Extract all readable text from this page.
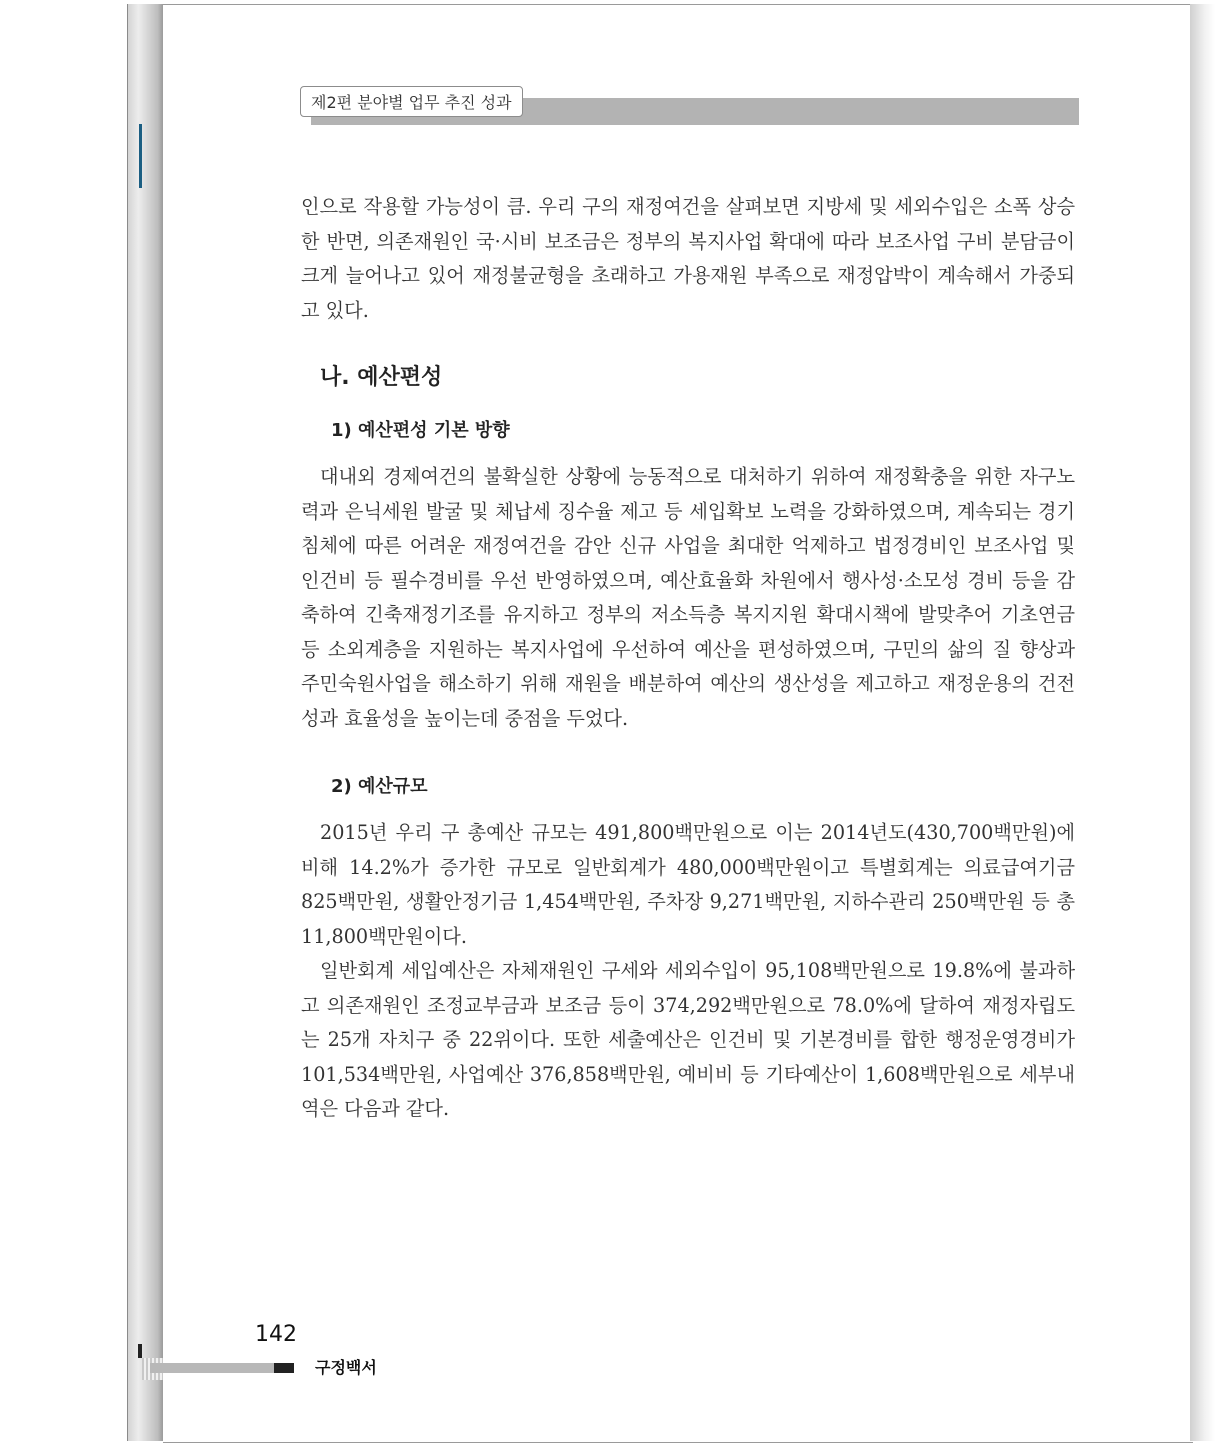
제2편 분야별 업무 추진 성과

인으로 작용할 가능성이 큼. 우리 구의 재정여건을 살펴보면 지방세 및 세외수입은 소폭 상승한 반면, 의존재원인 국·시비 보조금은 정부의 복지사업 확대에 따라 보조사업 구비 분담금이 크게 늘어나고 있어 재정불균형을 초래하고 가용재원 부족으로 재정압박이 계속해서 가중되고 있다.

나. 예산편성
1) 예산편성 기본 방향

대내외 경제여건의 불확실한 상황에 능동적으로 대처하기 위하여 재정확충을 위한 자구노력과 은닉세원 발굴 및 체납세 징수율 제고 등 세입확보 노력을 강화하였으며, 계속되는 경기침체에 따른 어려운 재정여건을 감안 신규 사업을 최대한 억제하고 법정경비인 보조사업 및 인건비 등 필수경비를 우선 반영하였으며, 예산효율화 차원에서 행사성·소모성 경비 등을 감축하여 긴축재정기조를 유지하고 정부의 저소득층 복지지원 확대시책에 발맞추어 기초연금 등 소외계층을 지원하는 복지사업에 우선하여 예산을 편성하였으며, 구민의 삶의 질 향상과 주민숙원사업을 해소하기 위해 재원을 배분하여 예산의 생산성을 제고하고 재정운용의 건전성과 효율성을 높이는데 중점을 두었다.

2) 예산규모

2015년 우리 구 총예산 규모는 491,800백만원으로 이는 2014년도(430,700백만원)에 비해 14.2%가 증가한 규모로 일반회계가 480,000백만원이고 특별회계는 의료급여기금 825백만원, 생활안정기금 1,454백만원, 주차장 9,271백만원, 지하수관리 250백만원 등 총 11,800백만원이다.

일반회계 세입예산은 자체재원인 구세와 세외수입이 95,108백만원으로 19.8%에 불과하고 의존재원인 조정교부금과 보조금 등이 374,292백만원으로 78.0%에 달하여 재정자립도는 25개 자치구 중 22위이다. 또한 세출예산은 인건비 및 기본경비를 합한 행정운영경비가 101,534백만원, 사업예산 376,858백만원, 예비비 등 기타예산이 1,608백만원으로 세부내역은 다음과 같다.

142
구정백서
